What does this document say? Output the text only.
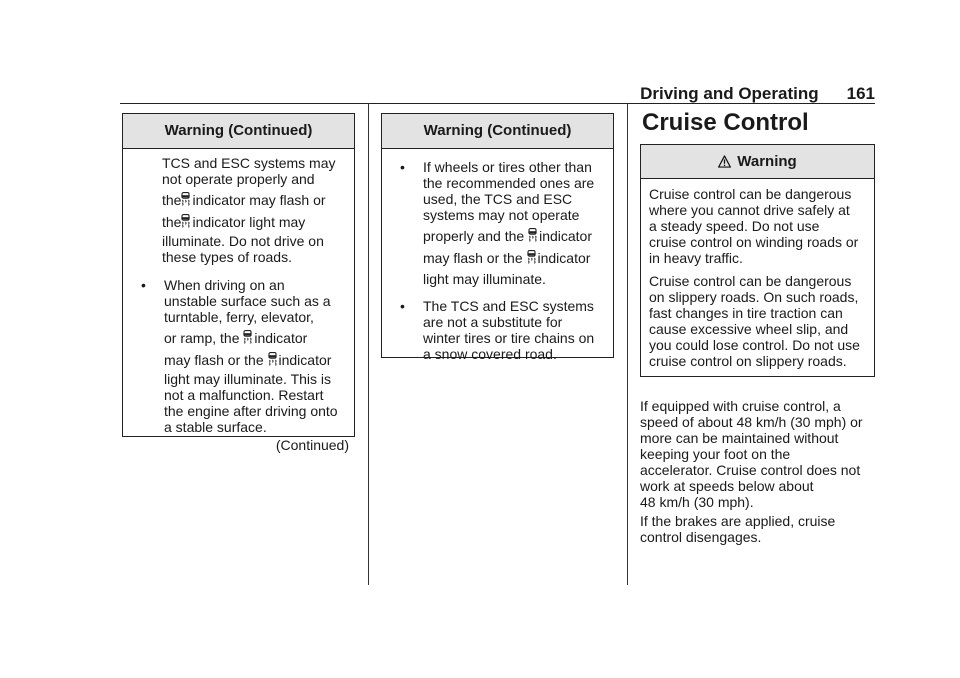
Driving and Operating 161
Warning (Continued)
TCS and ESC systems may
not operate properly and
the indicator may flash or
the indicator light may
illuminate. Do not drive on
these types of roads.
• When driving on an
unstable surface such as a
turntable, ferry, elevator,
or ramp, the indicator
may flash or the indicator
light may illuminate. This is
not a malfunction. Restart
the engine after driving onto
a stable surface.
(Continued)
Warning (Continued)
• If wheels or tires other than
the recommended ones are
used, the TCS and ESC
systems may not operate
properly and the indicator
may flash or the indicator
light may illuminate.
• The TCS and ESC systems
are not a substitute for
winter tires or tire chains on
a snow covered road.
Cruise Control
Warning
Cruise control can be dangerous
where you cannot drive safely at
a steady speed. Do not use
cruise control on winding roads or
in heavy traffic.
Cruise control can be dangerous
on slippery roads. On such roads,
fast changes in tire traction can
cause excessive wheel slip, and
you could lose control. Do not use
cruise control on slippery roads.
If equipped with cruise control, a
speed of about 48 km/h (30 mph) or
more can be maintained without
keeping your foot on the
accelerator. Cruise control does not
work at speeds below about
48 km/h (30 mph).
If the brakes are applied, cruise
control disengages.
